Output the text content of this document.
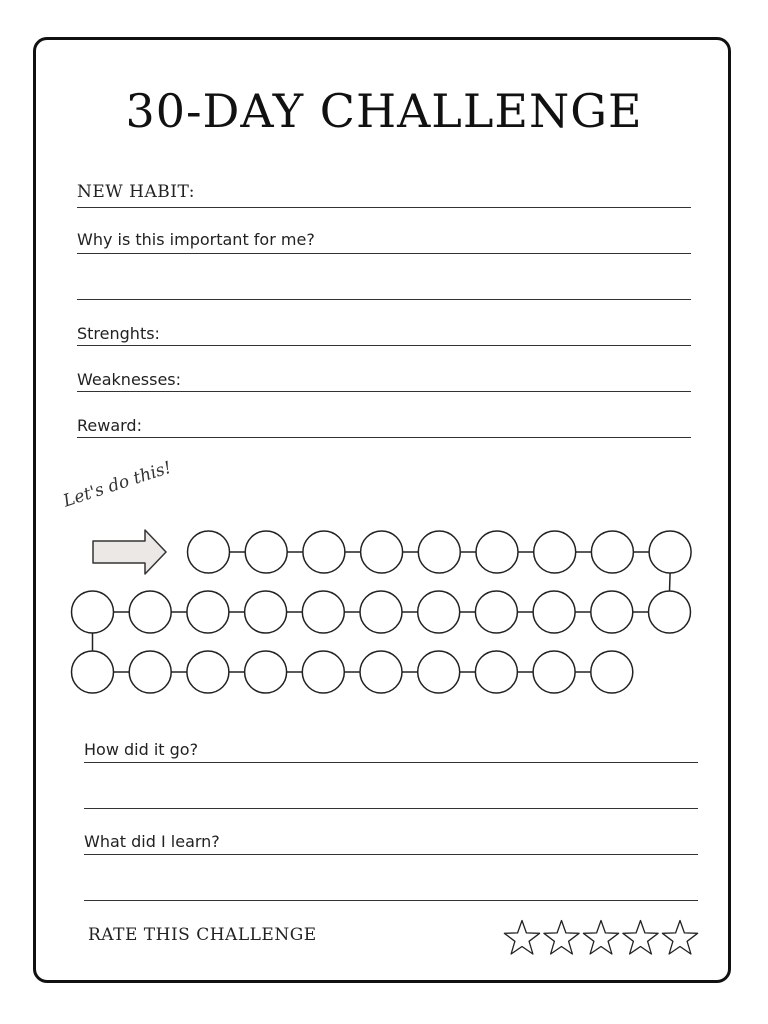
30-DAY CHALLENGE
NEW HABIT:
Why is this important for me?
Strenghts:
Weaknesses:
Reward:
Let's do this!
How did it go?
What did I learn?
RATE THIS CHALLENGE
